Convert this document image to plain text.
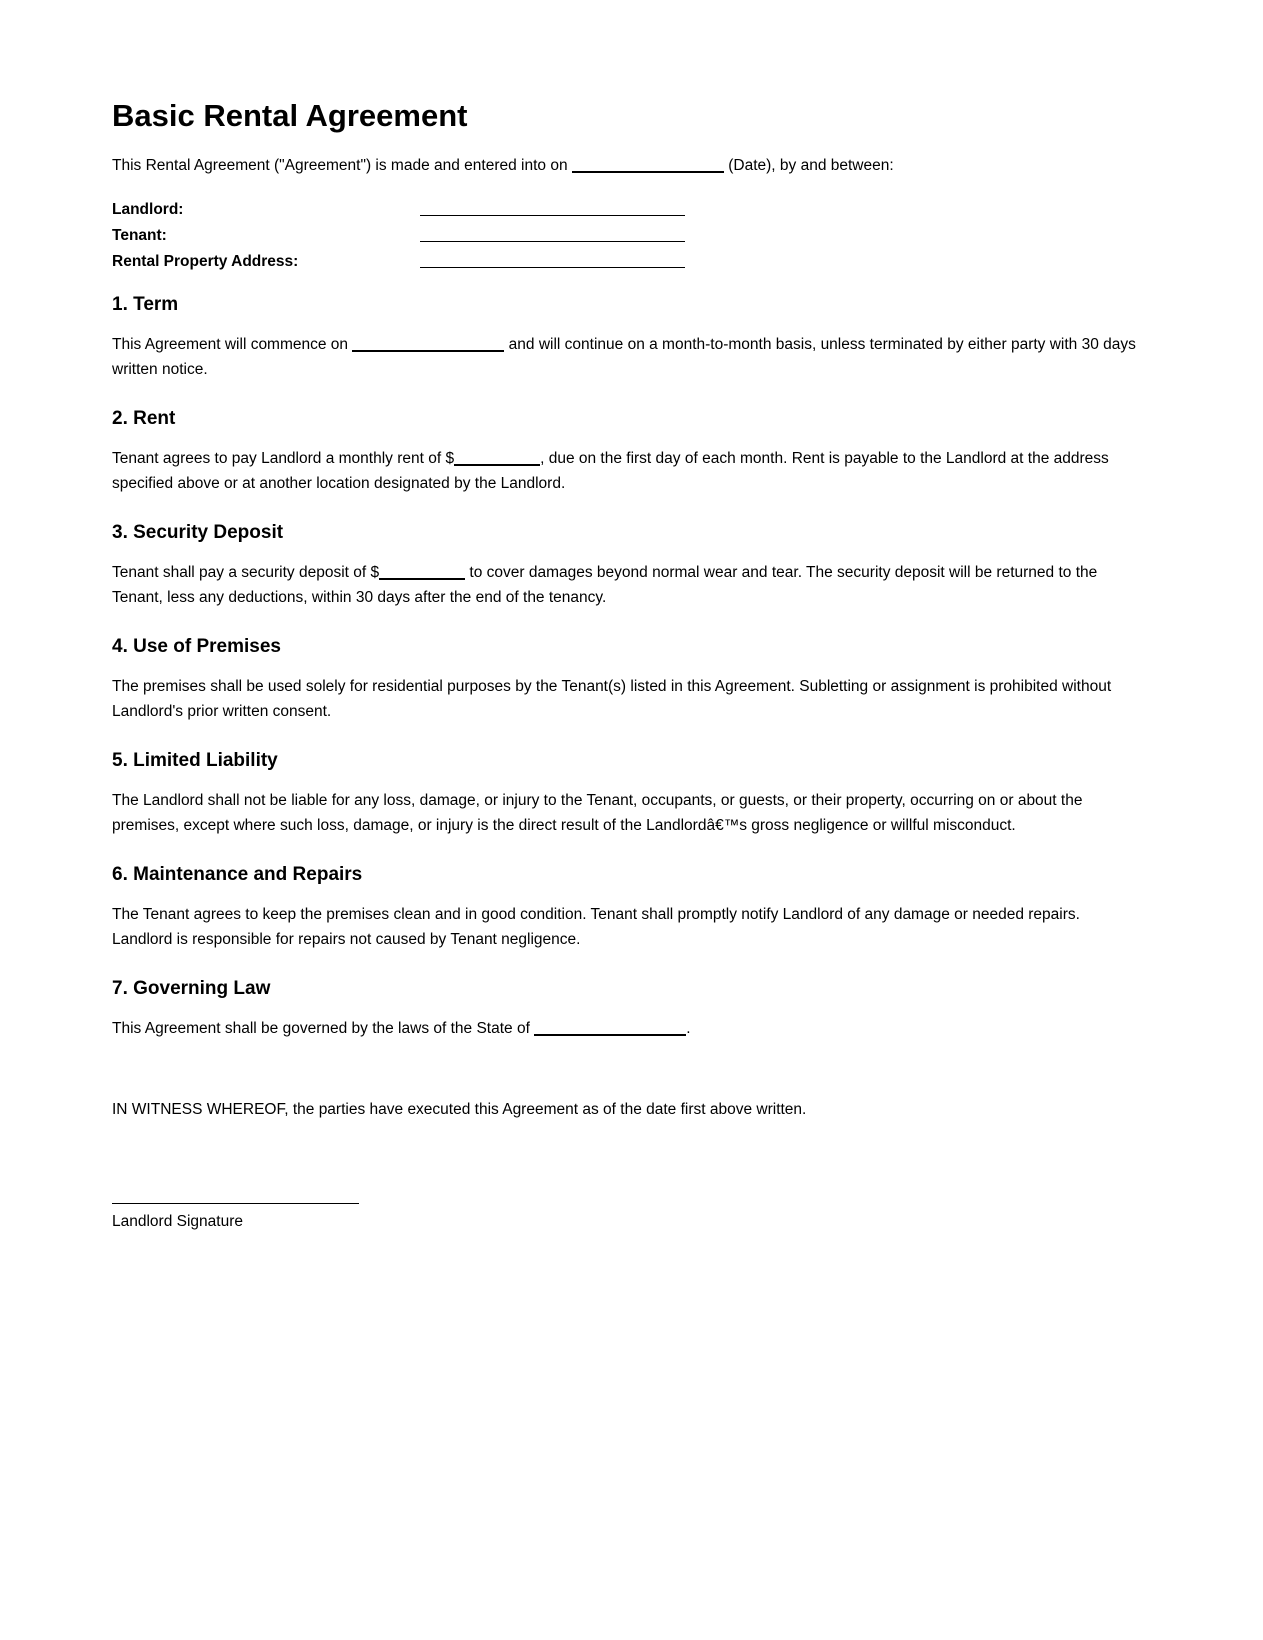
Basic Rental Agreement
This Rental Agreement ("Agreement") is made and entered into on	(Date), by and between:
Landlord:
Tenant:
Rental Property Address:
1. Term

This Agreement will commence on	and will continue on a month-to-month basis, unless terminated by either party with 30 days written notice.

2. Rent

Tenant agrees to pay Landlord a monthly rent of $	, due on the first day of each month. Rent is payable to the Landlord at the address specified above or at another location designated by the Landlord.

3. Security Deposit

Tenant shall pay a security deposit of $	to cover damages beyond normal wear and tear. The security deposit will be returned to the Tenant, less any deductions, within 30 days after the end of the tenancy.

4. Use of Premises

The premises shall be used solely for residential purposes by the Tenant(s) listed in this Agreement. Subletting or assignment is prohibited without Landlord's prior written consent.

5. Limited Liability

The Landlord shall not be liable for any loss, damage, or injury to the Tenant, occupants, or guests, or their property, occurring on or about the premises, except where such loss, damage, or injury is the direct result of the Landlordâ€™s gross negligence or willful misconduct.

6. Maintenance and Repairs

The Tenant agrees to keep the premises clean and in good condition. Tenant shall promptly notify Landlord of any damage or needed repairs. Landlord is responsible for repairs not caused by Tenant negligence.

7. Governing Law

This Agreement shall be governed by the laws of the State of	.

IN WITNESS WHEREOF, the parties have executed this Agreement as of the date first above written.
Landlord Signature
